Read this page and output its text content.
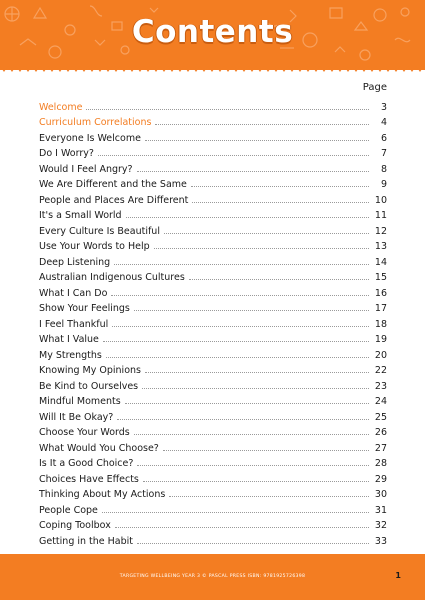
Contents
Page
Welcome	3
Curriculum Correlations	4
Everyone Is Welcome	6
Do I Worry?	7
Would I Feel Angry?	8
We Are Different and the Same	9
People and Places Are Different	10
It's a Small World	11
Every Culture Is Beautiful	12
Use Your Words to Help	13
Deep Listening	14
Australian Indigenous Cultures	15
What I Can Do	16
Show Your Feelings	17
I Feel Thankful	18
What I Value	19
My Strengths	20
Knowing My Opinions	22
Be Kind to Ourselves	23
Mindful Moments	24
Will It Be Okay?	25
Choose Your Words	26
What Would You Choose?	27
Is It a Good Choice?	28
Choices Have Effects	29
Thinking About My Actions	30
People Cope	31
Coping Toolbox	32
Getting in the Habit	33
TARGETING WELLBEING YEAR 3 © PASCAL PRESS ISBN: 9781925726398	1
